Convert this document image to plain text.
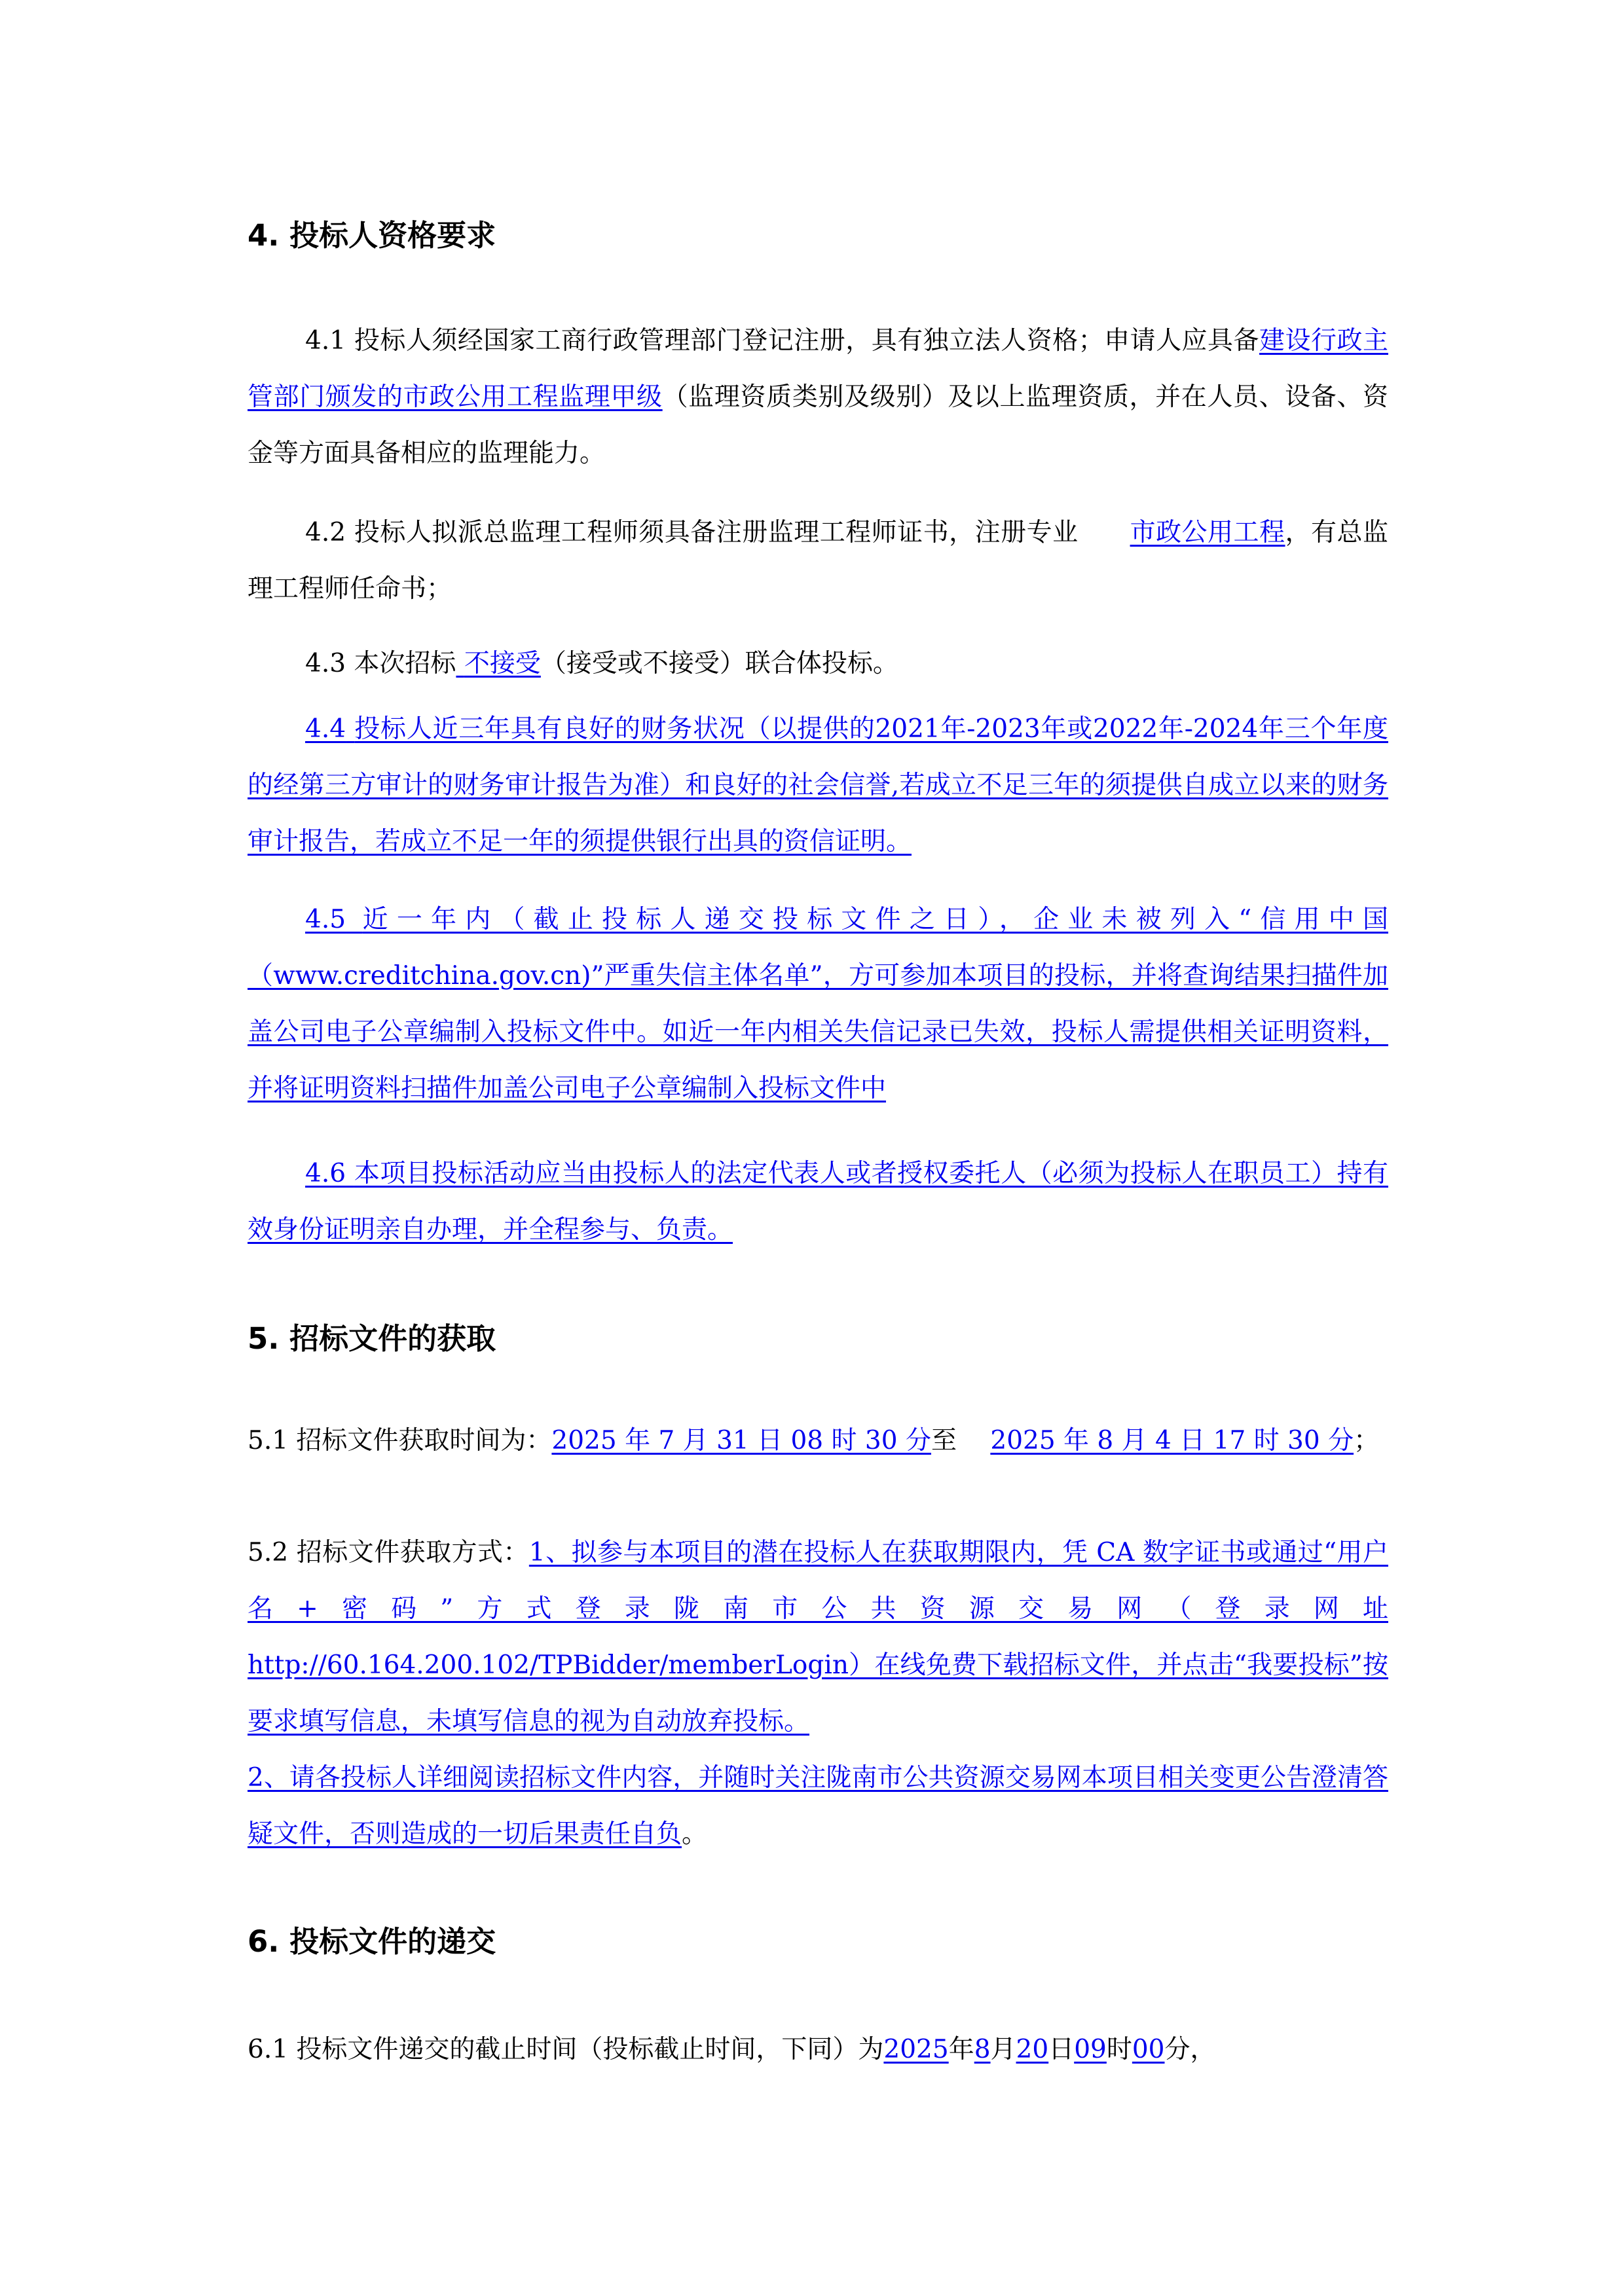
4. 投标人资格要求

4.1 投标人须经国家工商行政管理部门登记注册，具有独立法人资格；申请人应具备建设行政主管部门颁发的市政公用工程监理甲级（监理资质类别及级别）及以上监理资质，并在人员、设备、资金等方面具备相应的监理能力。

4.2 投标人拟派总监理工程师须具备注册监理工程师证书，注册专业　　 市政公用工程，有总监理工程师任命书；

4.3 本次招标 不接受（接受或不接受）联合体投标。

4.4 投标人近三年具有良好的财务状况（以提供的2021年-2023年或2022年-2024年三个年度的经第三方审计的财务审计报告为准）和良好的社会信誉,若成立不足三年的须提供自成立以来的财务审计报告，若成立不足一年的须提供银行出具的资信证明。

4.5 近一年内（截止投标人递交投标文件之日），企业未被列入“信用中国（www.creditchina.gov.cn)”严重失信主体名单”，方可参加本项目的投标，并将查询结果扫描件加盖公司电子公章编制入投标文件中。如近一年内相关失信记录已失效，投标人需提供相关证明资料，并将证明资料扫描件加盖公司电子公章编制入投标文件中

4.6 本项目投标活动应当由投标人的法定代表人或者授权委托人（必须为投标人在职员工）持有效身份证明亲自办理，并全程参与、负责。

5. 招标文件的获取

5.1 招标文件获取时间为：2025 年 7 月 31 日 08 时 30 分至　 2025 年 8 月 4 日 17 时 30 分；

5.2 招标文件获取方式：1、拟参与本项目的潜在投标人在获取期限内，凭 CA 数字证书或通过“用户名+密码”方式登录陇南市公共资源交易网（登录网址http://60.164.200.102/TPBidder/memberLogin）在线免费下载招标文件，并点击“我要投标”按要求填写信息，未填写信息的视为自动放弃投标。
2、请各投标人详细阅读招标文件内容，并随时关注陇南市公共资源交易网本项目相关变更公告澄清答疑文件，否则造成的一切后果责任自负。

6. 投标文件的递交

6.1 投标文件递交的截止时间（投标截止时间，下同）为2025年8月20日09时00分，
